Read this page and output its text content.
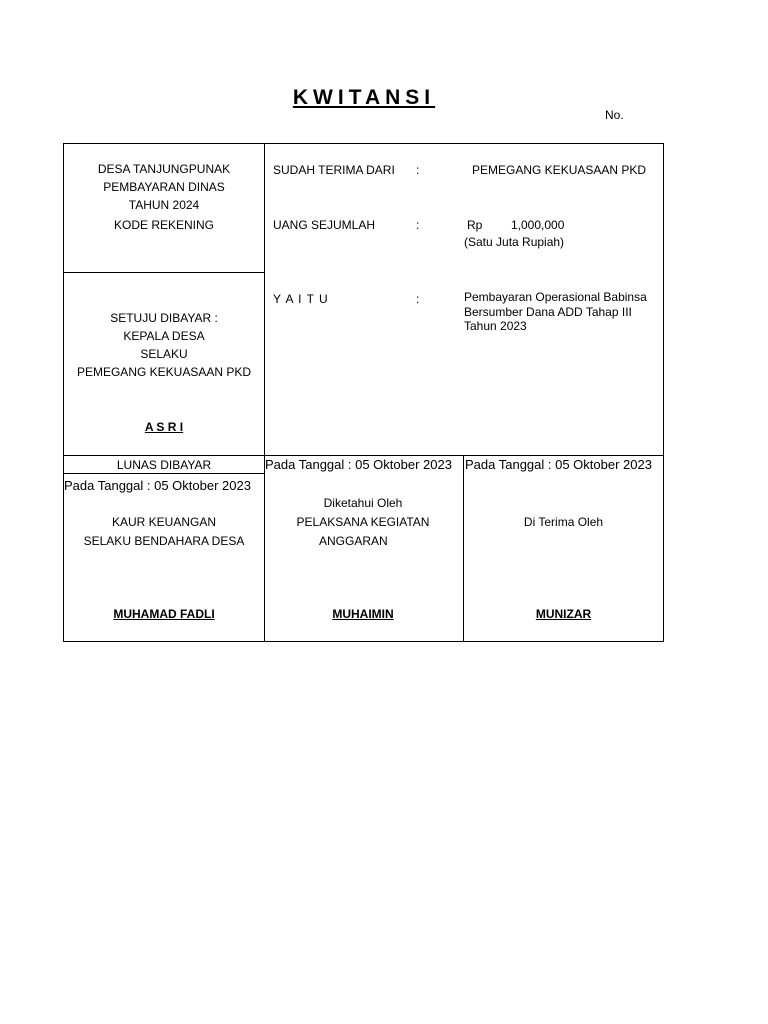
KWITANSI
No.
DESA TANJUNGPUNAK
PEMBAYARAN DINAS
TAHUN 2024
KODE REKENING
SETUJU DIBAYAR :
KEPALA DESA
SELAKU
PEMEGANG KEKUASAAN PKD
A S R I
SUDAH TERIMA DARI :	PEMEGANG KEKUASAAN PKD
UANG SEJUMLAH	:	Rp 1,000,000
(Satu Juta Rupiah)
Y A I T U	:	Pembayaran Operasional Babinsa
Bersumber Dana ADD Tahap III
Tahun 2023
LUNAS DIBAYAR
Pada Tanggal : 05 Oktober 2023
KAUR KEUANGAN
SELAKU BENDAHARA DESA
MUHAMAD FADLI
Pada Tanggal : 05 Oktober 2023
Diketahui Oleh
PELAKSANA KEGIATAN
ANGGARAN
MUHAIMIN
Pada Tanggal : 05 Oktober 2023
Di Terima Oleh
MUNIZAR
